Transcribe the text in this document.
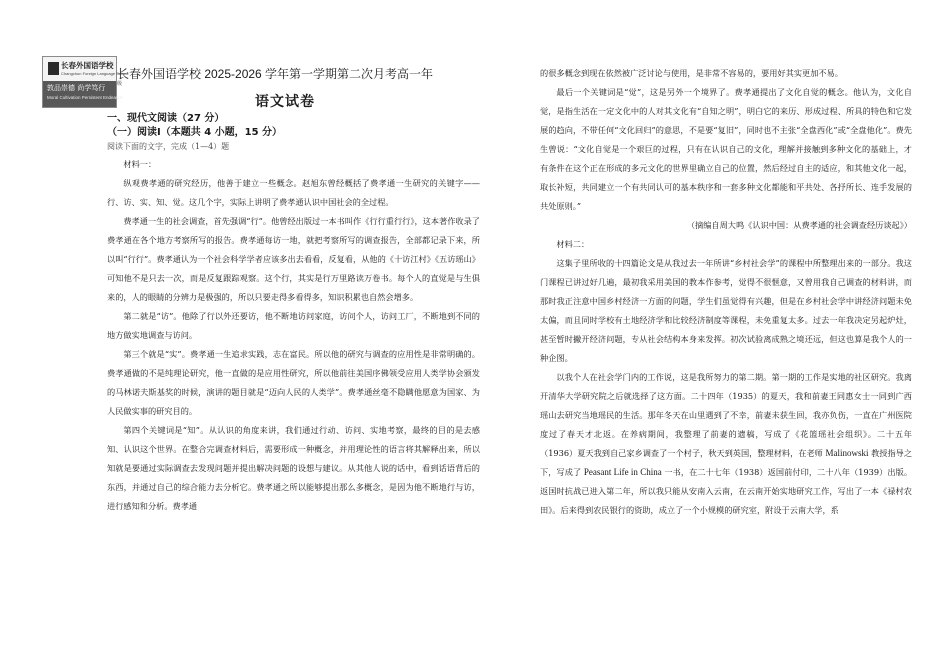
长春外国语学校
Changchun Foreign Language School
敦品崇德 尚学笃行
Moral Cultivation Persistent Endeavor
长春外国语学校 2025-2026 学年第一学期第二次月考高一年
级
语文试卷
一、现代文阅读（27 分）
（一）阅读Ⅰ（本题共 4 小题，15 分）
阅读下面的文字，完成（1—4）题

材料一：

纵观费孝通的研究经历，他善于建立一些概念。赵旭东曾经概括了费孝通一生研究的关键字——行、访、实、知、觉。这几个字，实际上讲明了费孝通认识中国社会的全过程。

费孝通一生的社会调查，首先强调“行”。他曾经出版过一本书叫作《行行重行行》，这本著作收录了费孝通在各个地方考察所写的报告。费孝通每访一地，就把考察所写的调查报告，全部都记录下来，所以叫“行行”。费孝通认为一个社会科学学者应该多出去看看，反复看，从他的《十访江村》《五访瑶山》可知他不是只去一次，而是反复跟踪观察。这个行，其实是行万里路读万卷书。每个人的直觉是与生俱来的，人的眼睛的分辨力是极强的，所以只要走得多看得多，知识积累也自然会增多。

第二就是“访”。他除了行以外还要访，他不断地访问家庭，访问个人，访问工厂，不断地到不同的地方做实地调查与访问。

第三个就是“实”。费孝通一生追求实践，志在富民。所以他的研究与调查的应用性是非常明确的。费孝通做的不是纯理论研究，他一直做的是应用性研究，所以他前往美国序佛领受应用人类学协会颁发的马林诺夫斯基奖的时候，演讲的题目就是“迈向人民的人类学”。费孝通丝毫不隐瞒他愿意为国家、为人民做实事的研究目的。

第四个关键词是“知”。从认识的角度来讲，我们通过行动、访问、实地考察，最终的目的是去感知、认识这个世界。在整合完调查材料后，需要形成一种概念，并用理论性的语言将其解释出来，所以知就是要通过实际调查去发现问题并提出解决问题的设想与建议。从其他人说的话中，看到话语背后的东西，并通过自己的综合能力去分析它。费孝通之所以能够提出那么多概念，是因为他不断地行与访，进行感知和分析。费孝通

的很多概念到现在依然被广泛讨论与使用，是非常不容易的，要用好其实更加不易。

最后一个关键词是“觉”，这是另外一个境界了。费孝通提出了文化自觉的概念。他认为，文化自觉，是指生活在一定文化中的人对其文化有“自知之明”，明白它的来历、形成过程、所具的特色和它发展的趋向，不带任何“文化回归”的意思，不是要“复旧”，同时也不主张“全盘西化”或“全盘他化”。费先生曾说：“文化自觉是一个艰巨的过程，只有在认识自己的文化，理解并接触到多种文化的基础上，才有条件在这个正在形成的多元文化的世界里确立自己的位置，然后经过自主的适应，和其他文化一起，取长补短，共同建立一个有共同认可的基本秩序和一套多种文化都能和平共处、各抒所长、连手发展的共处原则。”

（摘编自周大鸣《认识中国：从费孝通的社会调查经历谈起》）

材料二：

这集子里所收的十四篇论文是从我过去一年所讲“乡村社会学”的课程中所整理出来的一部分。我这门课程已讲过好几遍，最初我采用美国的教本作参考，觉得不很惬意，又曾用我自己调查的材料讲，而那时我正注意中国乡村经济一方面的问题，学生们虽觉得有兴趣，但是在乡村社会学中讲经济问题未免太偏，而且同时学校有土地经济学和比较经济制度等课程，未免重复太多。过去一年我决定另起炉灶，甚至暂时撇开经济问题，专从社会结构本身来发挥。初次试验离成熟之境还远，但这也算是我个人的一种企图。

以我个人在社会学门内的工作说，这是我所努力的第二期。第一期的工作是实地的社区研究。我离开清华大学研究院之后就选择了这方面。二十四年（1935）的夏天，我和前妻王同惠女士一同到广西瑶山去研究当地瑶民的生活。那年冬天在山里遇到了不幸，前妻未获生回，我亦负伤，一直在广州医院度过了春天才北返。在养病期间，我整理了前妻的遗稿，写成了《花篮瑶社会组织》。二十五年（1936）夏天我到自己家乡调查了一个村子，秋天到英国，整理材料，在老师 Malinowski 教授指导之下，写成了 Peasant Life in China 一书，在二十七年（1938）返国前付印，二十八年（1939）出版。返国时抗战已进入第二年，所以我只能从安南入云南，在云南开始实地研究工作，写出了一本《禄村农田》。后来得到农民银行的资助，成立了一个小规模的研究室，附设于云南大学，系
